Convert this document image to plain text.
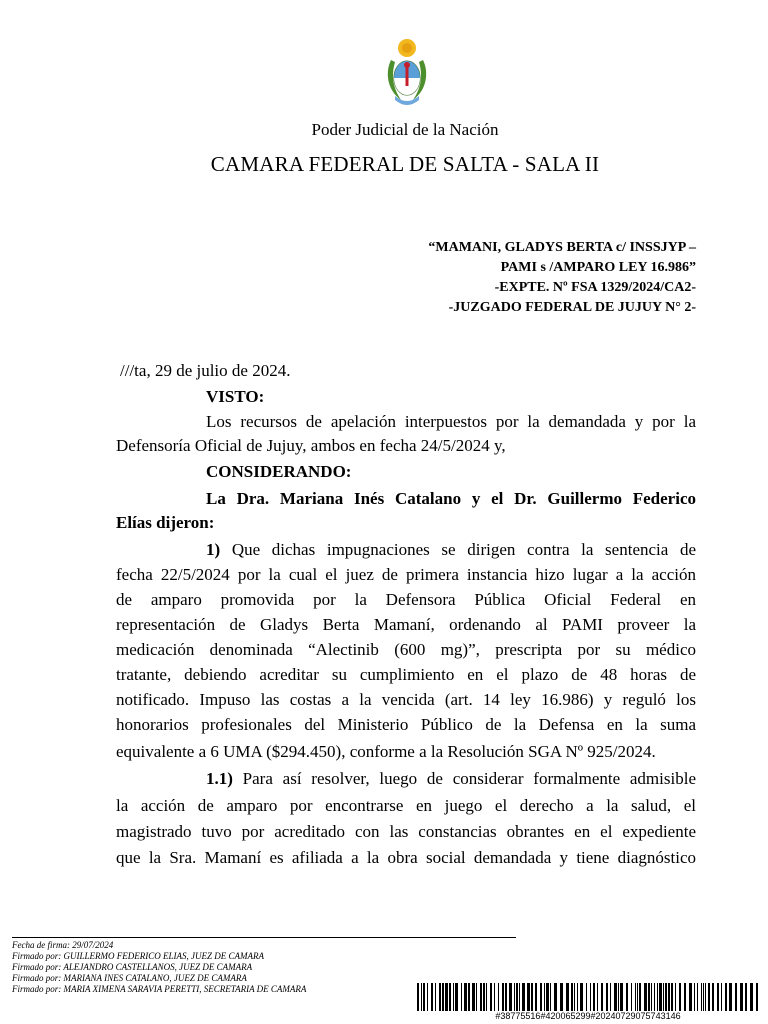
Poder Judicial de la Nación
CAMARA FEDERAL DE SALTA - SALA II
“MAMANI, GLADYS BERTA c/ INSSJYP –
PAMI s /AMPARO LEY 16.986”
-EXPTE. Nº FSA 1329/2024/CA2-
-JUZGADO FEDERAL DE JUJUY N° 2-
///ta, 29 de julio de 2024.
VISTO:
Los recursos de apelación interpuestos por la demandada y por la
Defensoría Oficial de Jujuy, ambos en fecha 24/5/2024 y,
CONSIDERANDO:
La Dra. Mariana Inés Catalano y el Dr. Guillermo Federico
Elías dijeron:
1) Que dichas impugnaciones se dirigen contra la sentencia de
fecha 22/5/2024 por la cual el juez de primera instancia hizo lugar a la acción
de amparo promovida por la Defensora Pública Oficial Federal en
representación de Gladys Berta Mamaní, ordenando al PAMI proveer la
medicación denominada “Alectinib (600 mg)”, prescripta por su médico
tratante, debiendo acreditar su cumplimiento en el plazo de 48 horas de
notificado. Impuso las costas a la vencida (art. 14 ley 16.986) y reguló los
honorarios profesionales del Ministerio Público de la Defensa en la suma
equivalente a 6 UMA ($294.450), conforme a la Resolución SGA Nº 925/2024.
1.1) Para así resolver, luego de considerar formalmente admisible
la acción de amparo por encontrarse en juego el derecho a la salud, el
magistrado tuvo por acreditado con las constancias obrantes en el expediente
que la Sra. Mamaní es afiliada a la obra social demandada y tiene diagnóstico
Fecha de firma: 29/07/2024
Firmado por: GUILLERMO FEDERICO ELIAS, JUEZ DE CAMARA
Firmado por: ALEJANDRO CASTELLANOS, JUEZ DE CAMARA
Firmado por: MARIANA INES CATALANO, JUEZ DE CAMARA
Firmado por: MARIA XIMENA SARAVIA PERETTI, SECRETARIA DE CAMARA
#38775516#420065299#20240729075743146
